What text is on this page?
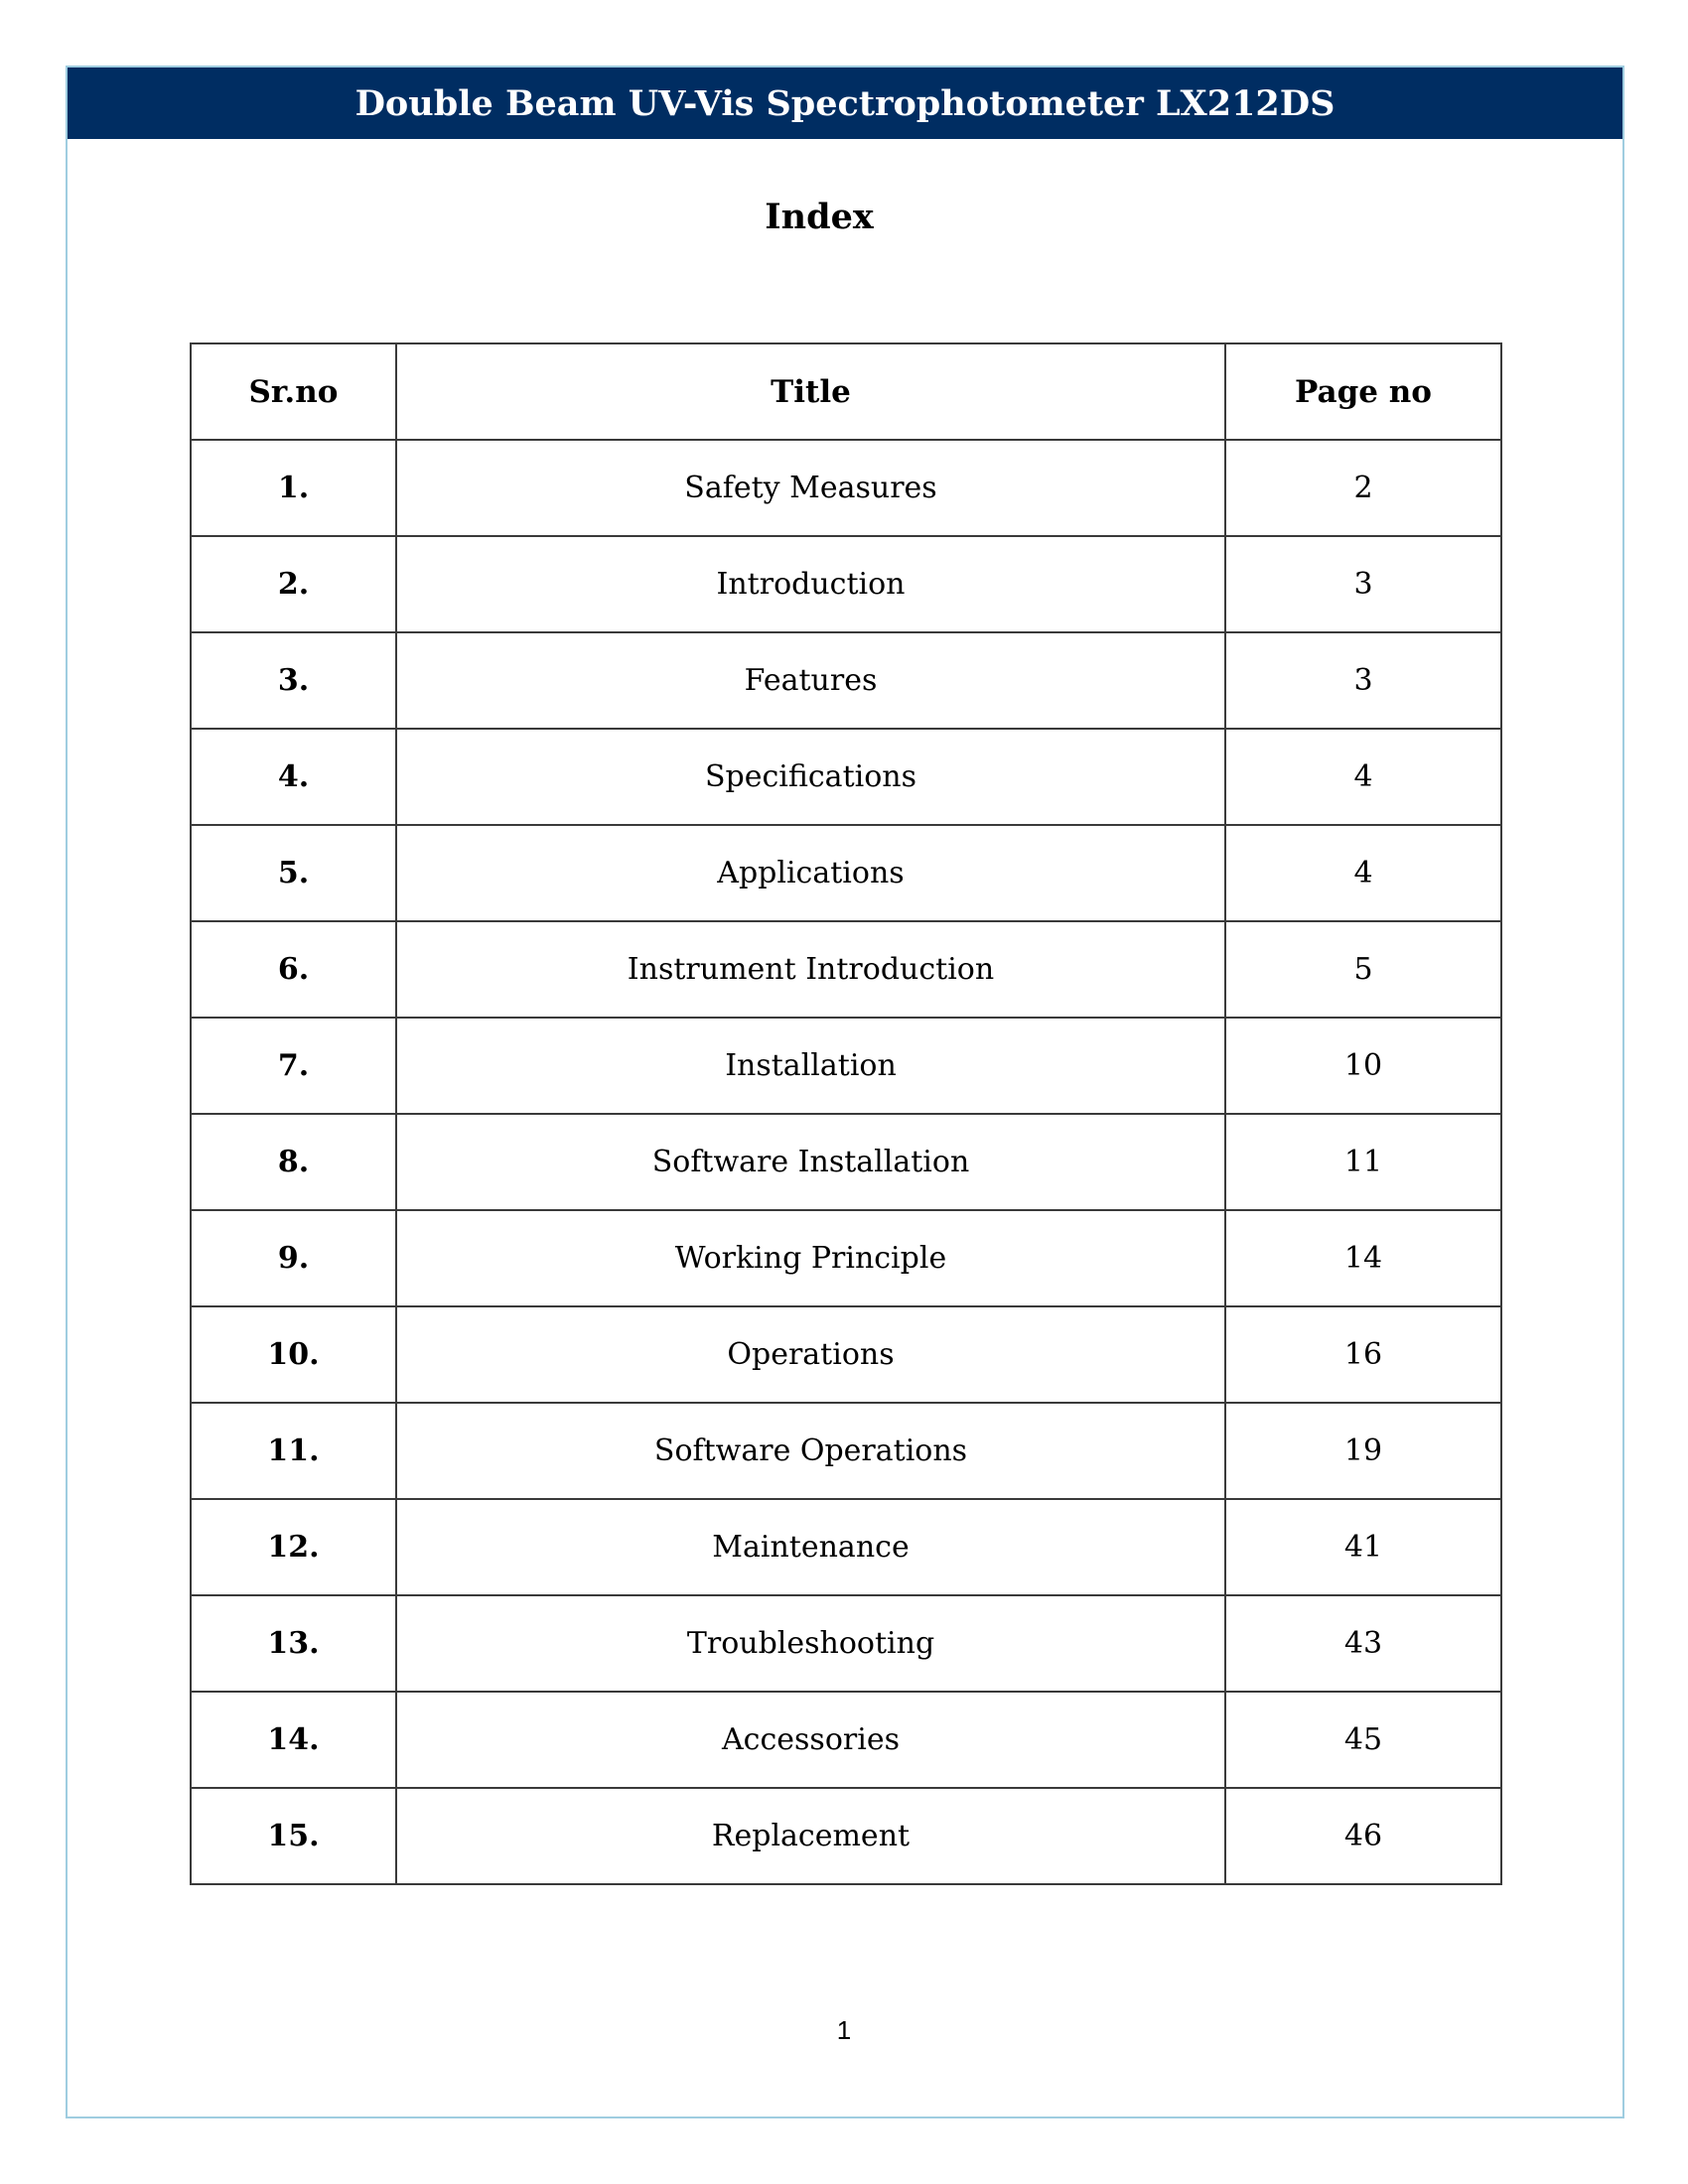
Double Beam UV-Vis Spectrophotometer LX212DS
Index
Sr.no	Title	Page no
1.	Safety Measures	2
2.	Introduction	3
3.	Features	3
4.	Specifications	4
5.	Applications	4
6.	Instrument Introduction	5
7.	Installation	10
8.	Software Installation	11
9.	Working Principle	14
10.	Operations	16
11.	Software Operations	19
12.	Maintenance	41
13.	Troubleshooting	43
14.	Accessories	45
15.	Replacement	46
1
